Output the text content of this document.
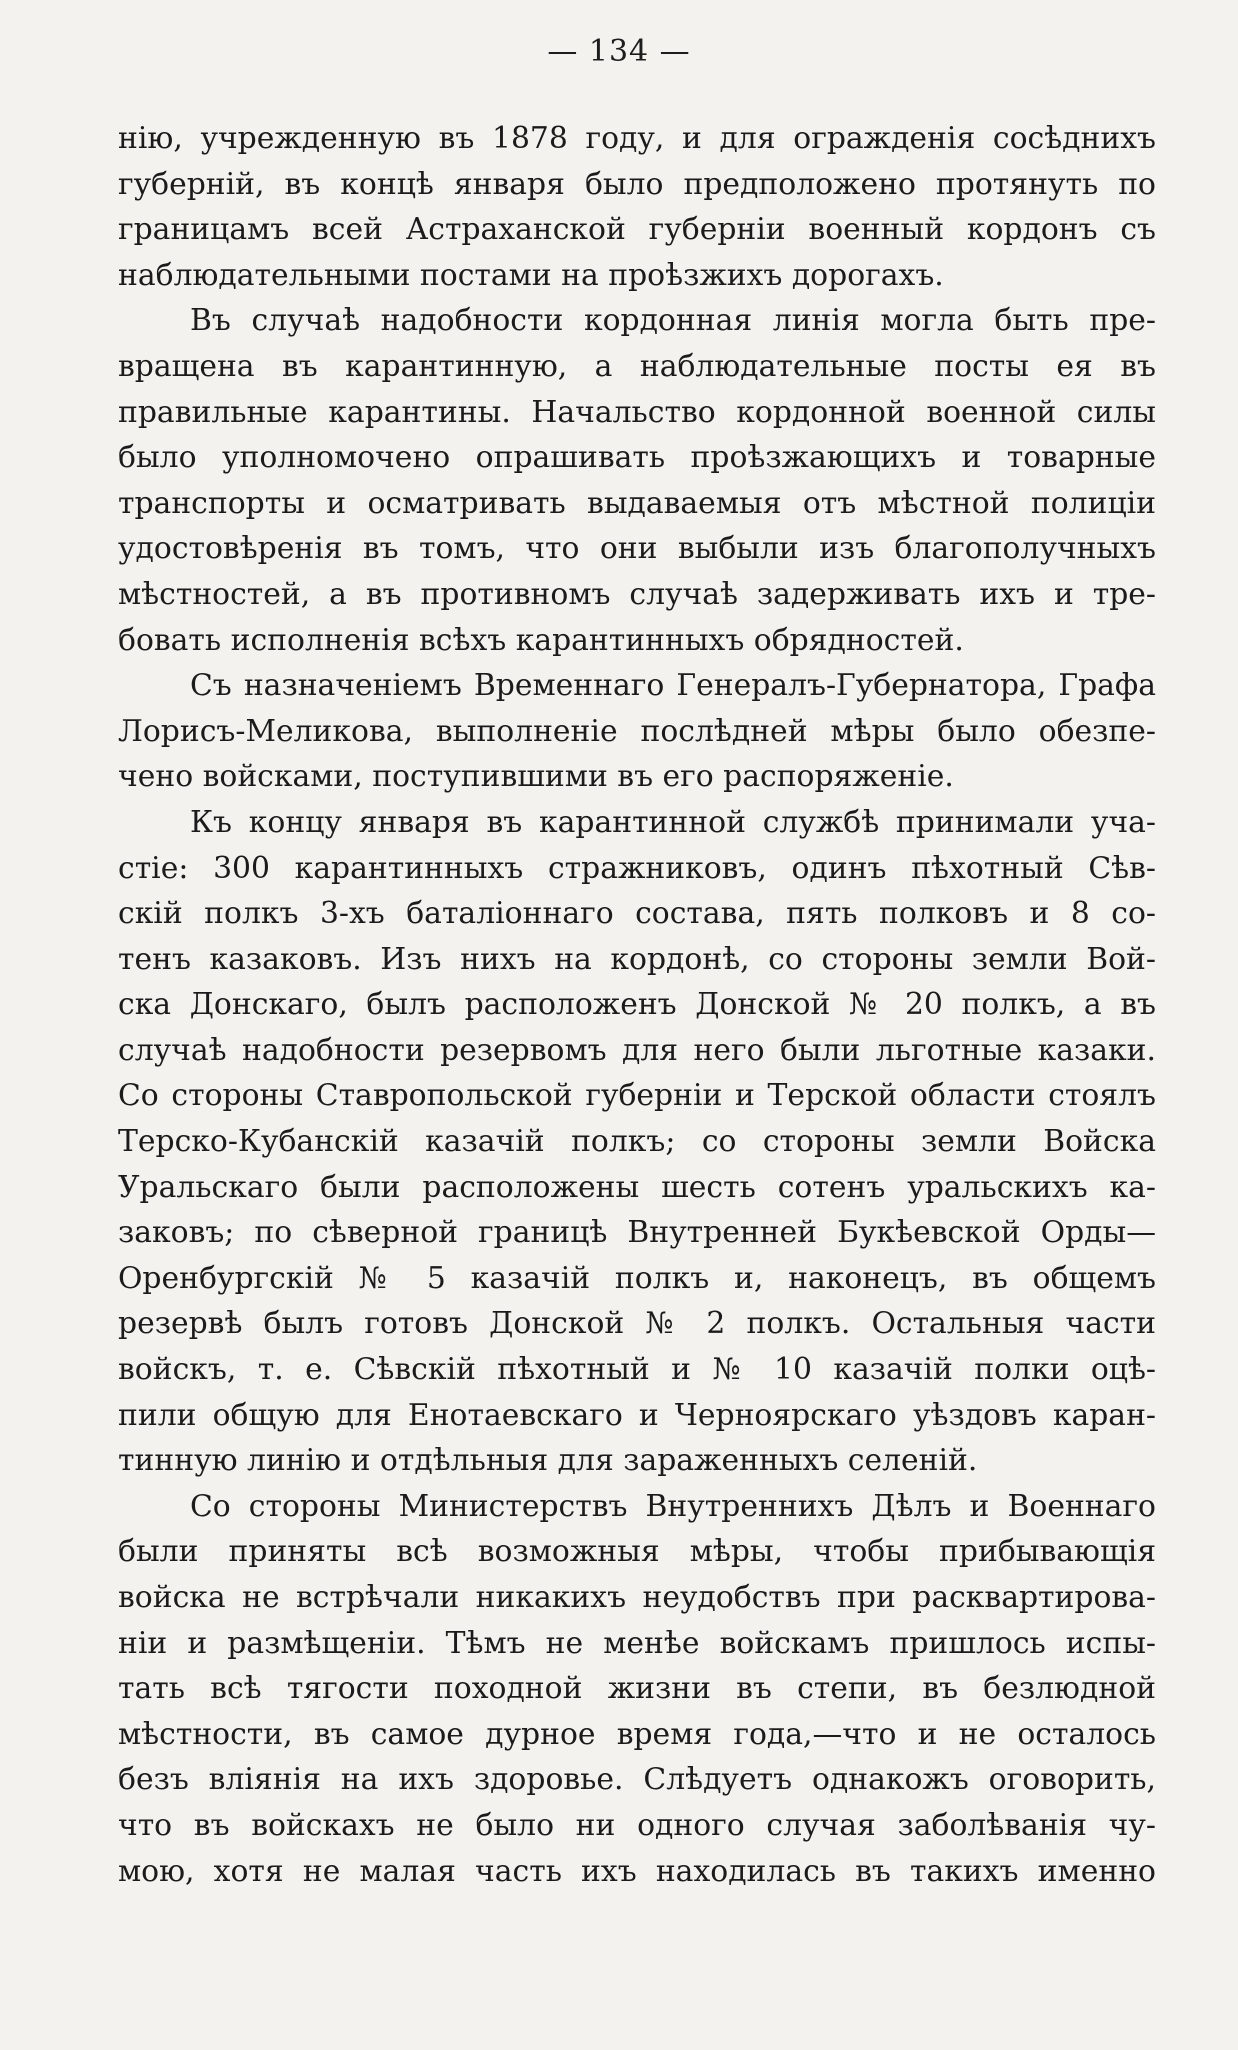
— 134 —
нію, учрежденную въ 1878 году, и для огражденія сосѣднихъ
губерній, въ концѣ января было предположено протянуть по
границамъ всей Астраханской губерніи военный кордонъ съ
наблюдательными постами на проѣзжихъ дорогахъ.
Въ случаѣ надобности кордонная линія могла быть пре-
вращена въ карантинную, а наблюдательные посты ея въ
правильные карантины. Начальство кордонной военной силы
было уполномочено опрашивать проѣзжающихъ и товарные
транспорты и осматривать выдаваемыя отъ мѣстной полиціи
удостовѣренія въ томъ, что они выбыли изъ благополучныхъ
мѣстностей, а въ противномъ случаѣ задерживать ихъ и тре-
бовать исполненія всѣхъ карантинныхъ обрядностей.
Съ назначеніемъ Временнаго Генералъ-Губернатора, Графа
Лорисъ-Меликова, выполненіе послѣдней мѣры было обезпе-
чено войсками, поступившими въ его распоряженіе.
Къ концу января въ карантинной службѣ принимали уча-
стіе: 300 карантинныхъ стражниковъ, одинъ пѣхотный Сѣв-
скій полкъ 3-хъ баталіоннаго состава, пять полковъ и 8 со-
тенъ казаковъ. Изъ нихъ на кордонѣ, со стороны земли Вой-
ска Донскаго, былъ расположенъ Донской № 20 полкъ, а въ
случаѣ надобности резервомъ для него были льготные казаки.
Со стороны Ставропольской губерніи и Терской области стоялъ
Терско-Кубанскій казачій полкъ; со стороны земли Войска
Уральскаго были расположены шесть сотенъ уральскихъ ка-
заковъ; по сѣверной границѣ Внутренней Букѣевской Орды—
Оренбургскій № 5 казачій полкъ и, наконецъ, въ общемъ
резервѣ былъ готовъ Донской № 2 полкъ. Остальныя части
войскъ, т. е. Сѣвскій пѣхотный и № 10 казачій полки оцѣ-
пили общую для Енотаевскаго и Черноярскаго уѣздовъ каран-
тинную линію и отдѣльныя для зараженныхъ селеній.
Со стороны Министерствъ Внутреннихъ Дѣлъ и Военнаго
были приняты всѣ возможныя мѣры, чтобы прибывающія
войска не встрѣчали никакихъ неудобствъ при расквартирова-
ніи и размѣщеніи. Тѣмъ не менѣе войскамъ пришлось испы-
тать всѣ тягости походной жизни въ степи, въ безлюдной
мѣстности, въ самое дурное время года,—что и не осталось
безъ вліянія на ихъ здоровье. Слѣдуетъ однакожъ оговорить,
что въ войскахъ не было ни одного случая заболѣванія чу-
мою, хотя не малая часть ихъ находилась въ такихъ именно
